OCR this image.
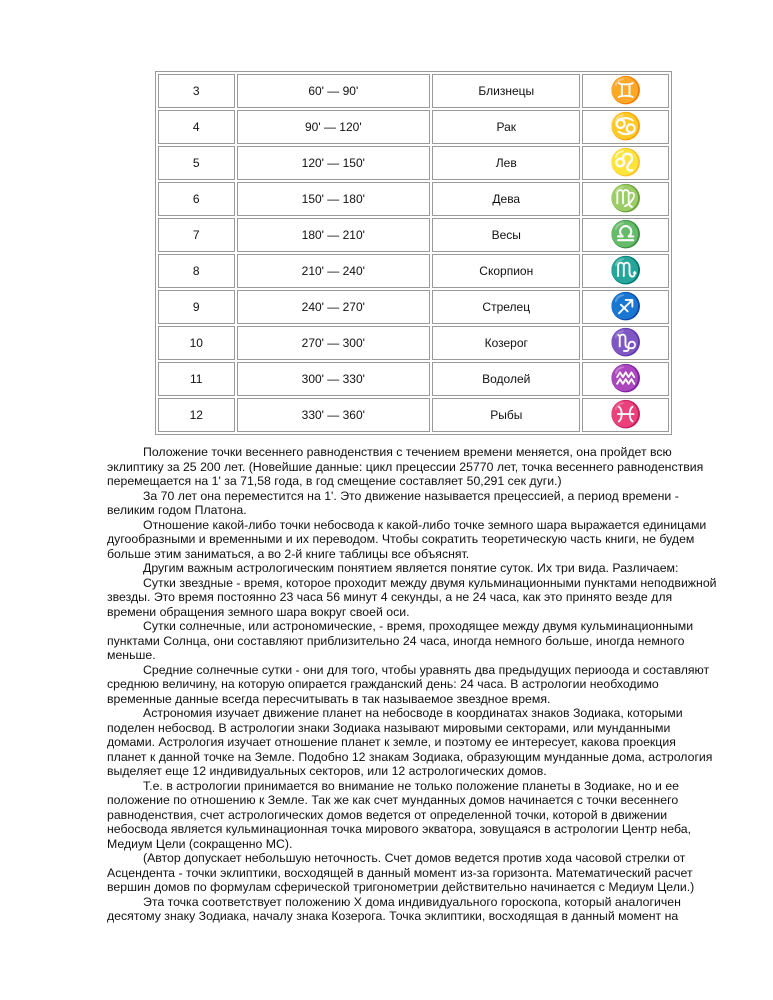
3	60' — 90'	Близнецы	♊
4	90' — 120'	Рак	♋
5	120' — 150'	Лев	♌
6	150' — 180'	Дева	♍
7	180' — 210'	Весы	♎
8	210' — 240'	Скорпион	♏
9	240' — 270'	Стрелец	♐
10	270' — 300'	Козерог	♑
11	300' — 330'	Водолей	♒
12	330' — 360'	Рыбы	♓

Положение точки весеннего равноденствия с течением времени меняется, она пройдет всю эклиптику за 25 200 лет. (Новейшие данные: цикл прецессии 25770 лет, точка весеннего равноденствия перемещается на 1' за 71,58 года, в год смещение составляет 50,291 сек дуги.)

За 70 лет она переместится на 1'. Это движение называется прецессией, а период времени - великим годом Платона.

Отношение какой-либо точки небосвода к какой-либо точке земного шара выражается единицами дугообразными и временными и их переводом. Чтобы сократить теоретическую часть книги, не будем больше этим заниматься, а во 2-й книге таблицы все объяснят.

Другим важным астрологическим понятием является понятие суток. Их три вида. Различаем:

Сутки звездные - время, которое проходит между двумя кульминационными пунктами неподвижной звезды. Это время постоянно 23 часа 56 минут 4 секунды, а не 24 часа, как это принято везде для времени обращения земного шара вокруг своей оси.

Сутки солнечные, или астрономические, - время, проходящее между двумя кульминационными пунктами Солнца, они составляют приблизительно 24 часа, иногда немного больше, иногда немного меньше.

Средние солнечные сутки - они для того, чтобы уравнять два предыдущих периоода и составляют среднюю величину, на которую опирается гражданский день: 24 часа. В астрологии необходимо временные данные всегда пересчитывать в так называемое звездное время.

Астрономия изучает движение планет на небосводе в координатах знаков Зодиака, которыми поделен небосвод. В астрологии знаки Зодиака называют мировыми секторами, или мунданными домами. Астрология изучает отношение планет к земле, и поэтому ее интересует, какова проекция планет к данной точке на Земле. Подобно 12 знакам Зодиака, образующим мунданные дома, астрология выделяет еще 12 индивидуальных секторов, или 12 астрологических домов.

Т.е. в астрологии принимается во внимание не только положение планеты в Зодиаке, но и ее положение по отношению к Земле. Так же как счет мунданных домов начинается с точки весеннего равноденствия, счет астрологических домов ведется от определенной точки, которой в движении небосвода является кульминационная точка мирового экватора, зовущаяся в астрологии Центр неба, Медиум Цели (сокращенно МС).

(Автор допускает небольшую неточность. Счет домов ведется против хода часовой стрелки от Асцендента - точки эклиптики, восходящей в данный момент из-за горизонта. Математический расчет вершин домов по формулам сферической тригонометрии действительно начинается с Медиум Цели.)

Эта точка соответствует положению X дома индивидуального гороскопа, который аналогичен десятому знаку Зодиака, началу знака Козерога. Точка эклиптики, восходящая в данный момент на
